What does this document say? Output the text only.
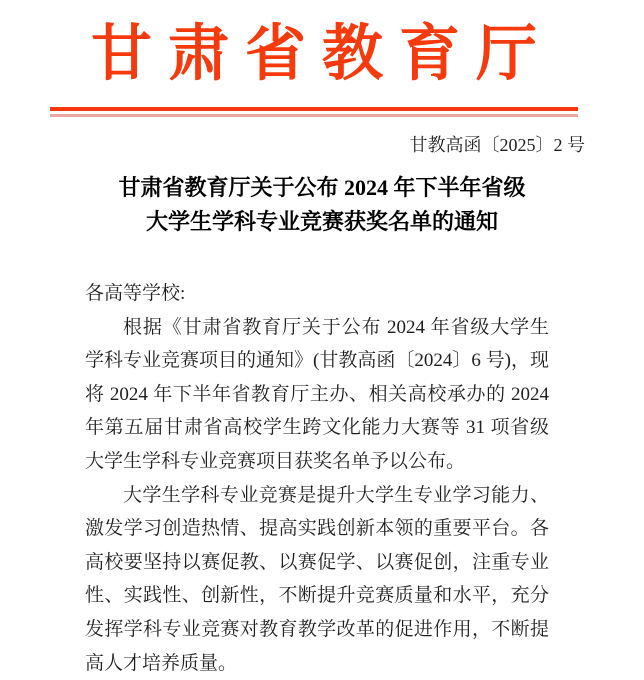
甘肃省教育厅
甘教高函〔2025〕2 号
甘肃省教育厅关于公布 2024 年下半年省级
大学生学科专业竞赛获奖名单的通知
各高等学校:

根据《甘肃省教育厅关于公布 2024 年省级大学生学科专业竞赛项目的通知》(甘教高函〔2024〕6 号)，现将 2024 年下半年省教育厅主办、相关高校承办的 2024 年第五届甘肃省高校学生跨文化能力大赛等 31 项省级大学生学科专业竞赛项目获奖名单予以公布。

大学生学科专业竞赛是提升大学生专业学习能力、激发学习创造热情、提高实践创新本领的重要平台。各高校要坚持以赛促教、以赛促学、以赛促创，注重专业性、实践性、创新性，不断提升竞赛质量和水平，充分发挥学科专业竞赛对教育教学改革的促进作用，不断提高人才培养质量。
